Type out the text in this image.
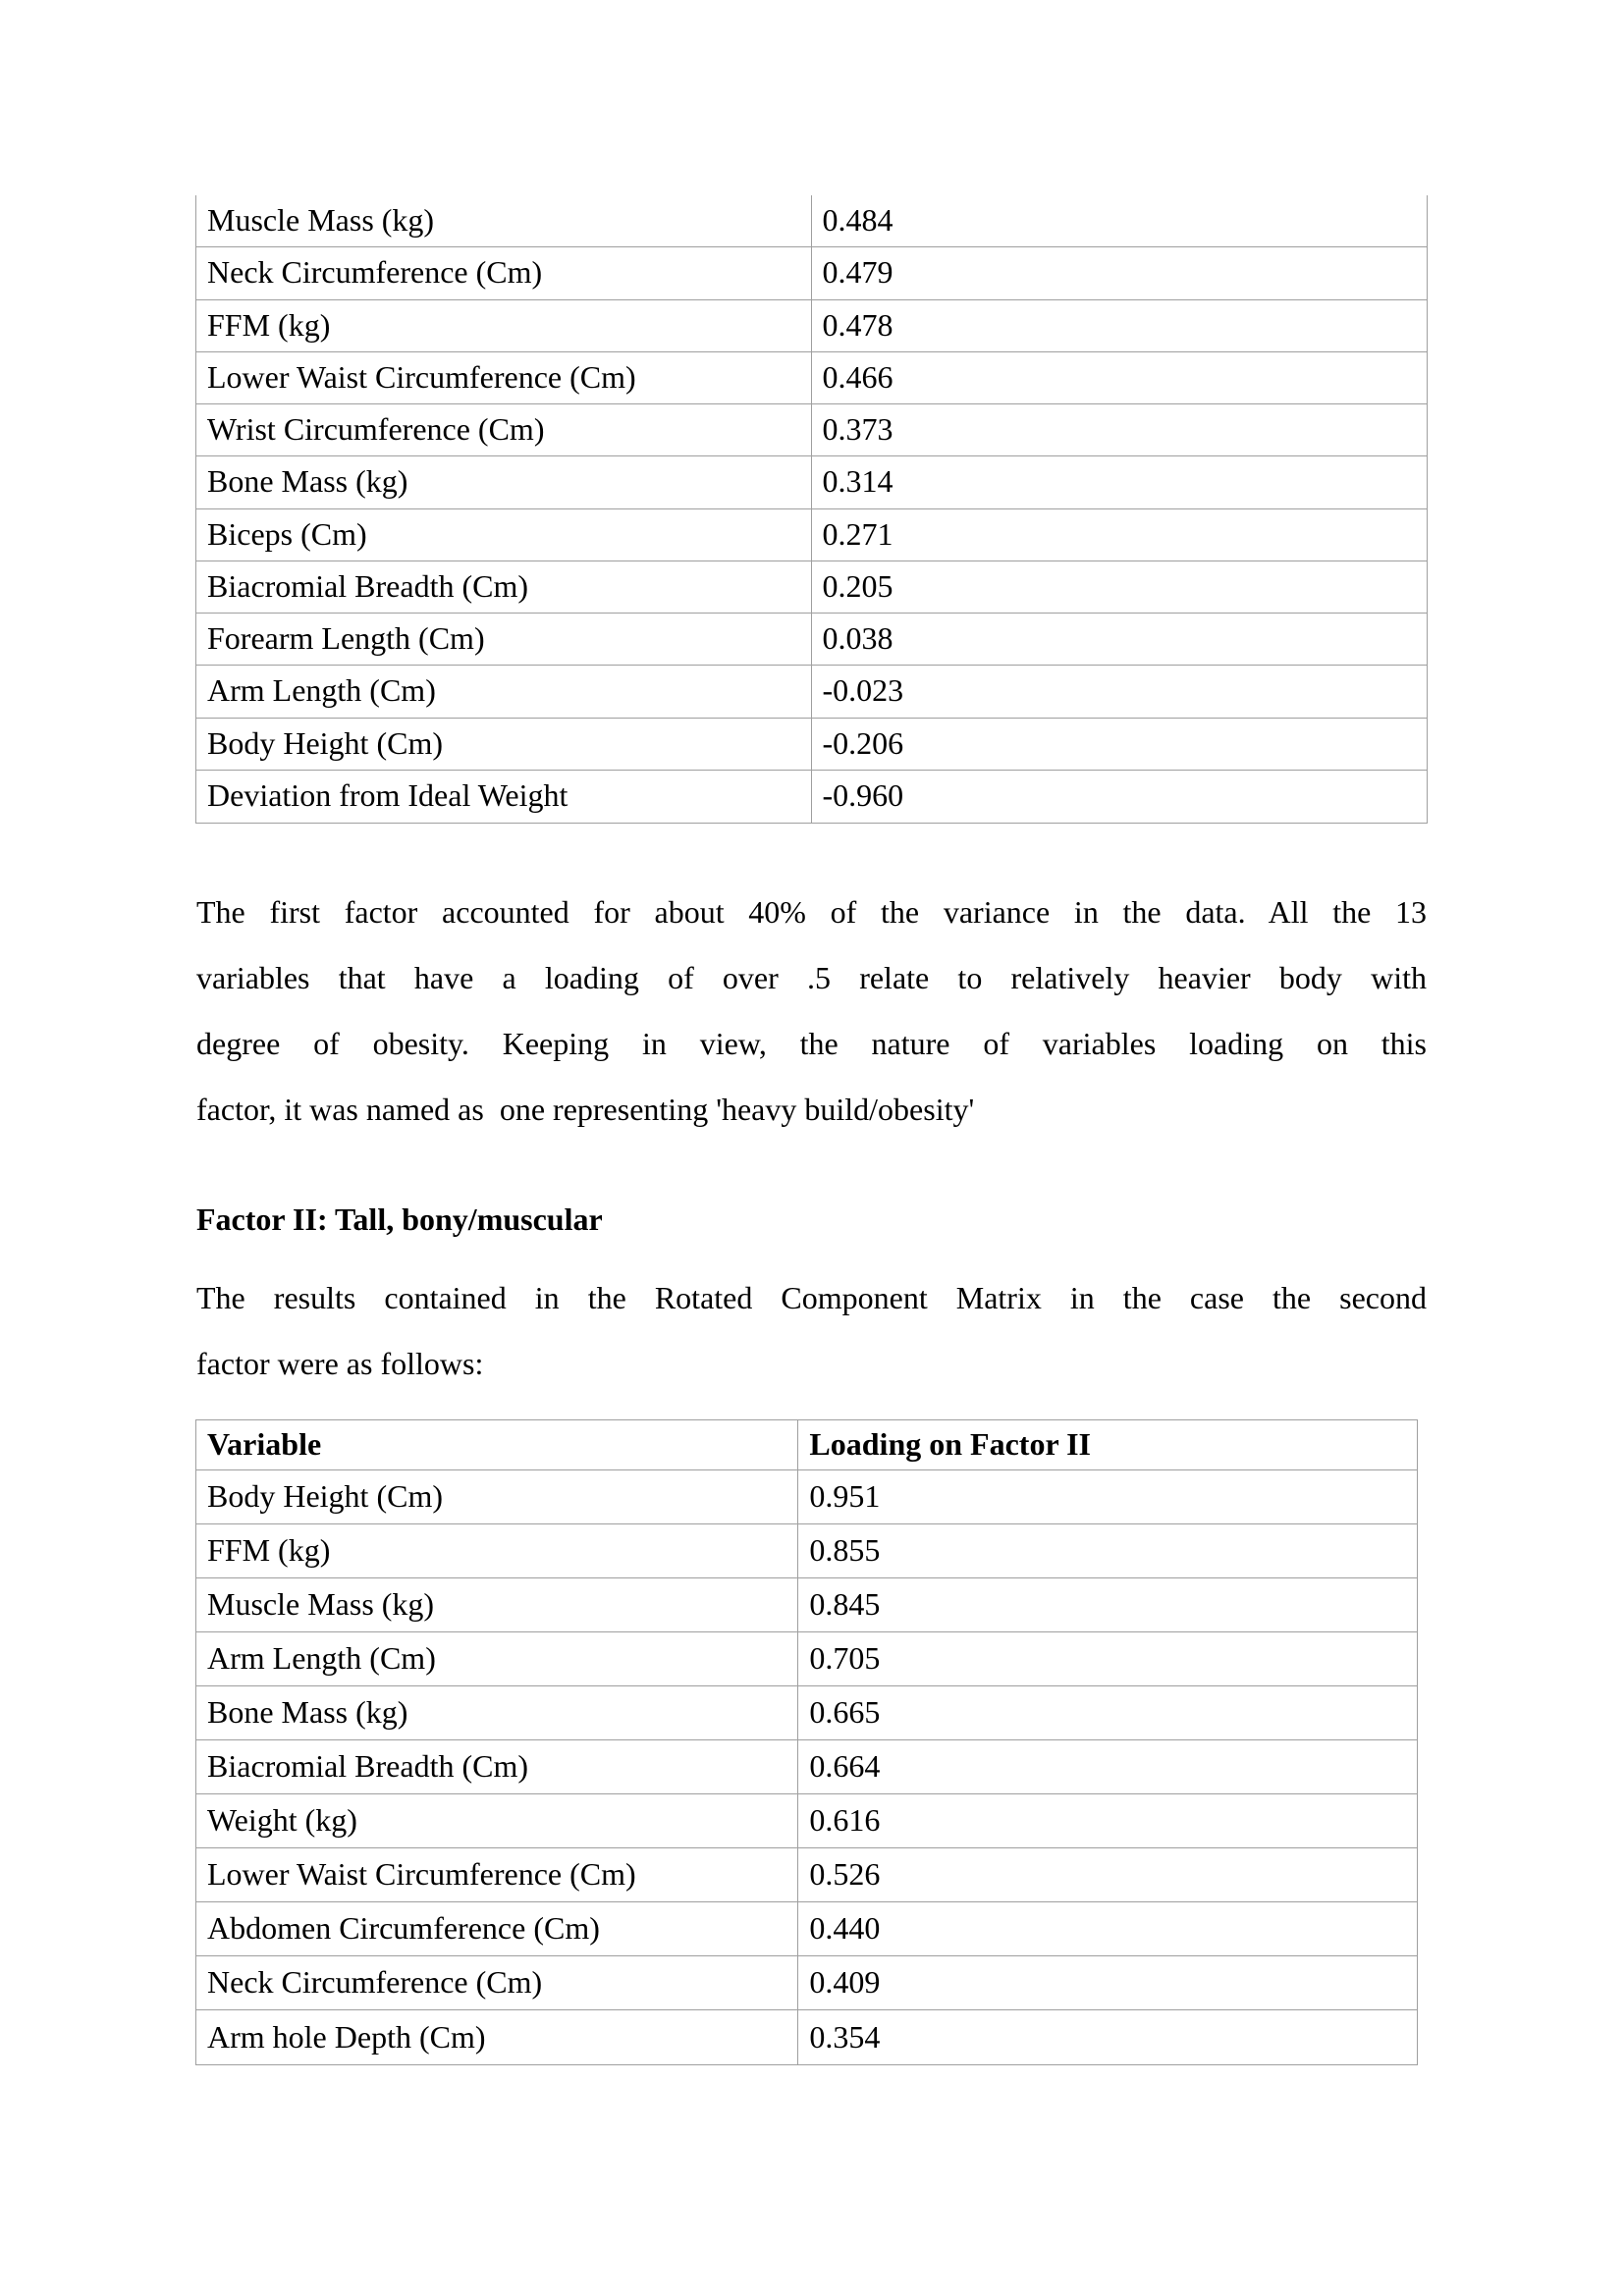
Muscle Mass (kg)	0.484
Neck Circumference (Cm)	0.479
FFM (kg)	0.478
Lower Waist Circumference (Cm)	0.466
Wrist Circumference (Cm)	0.373
Bone Mass (kg)	0.314
Biceps (Cm)	0.271
Biacromial Breadth (Cm)	0.205
Forearm Length (Cm)	0.038
Arm Length (Cm)	-0.023
Body Height (Cm)	-0.206
Deviation from Ideal Weight	-0.960
The first factor accounted for about 40% of the variance in the data. All the 13
variables that have a loading of over .5 relate to relatively heavier body with
degree of obesity. Keeping in view, the nature of variables loading on this
factor, it was named as  one representing 'heavy build/obesity'
Factor II: Tall, bony/muscular
The results contained in the Rotated Component Matrix in the case the second
factor were as follows:
Variable	Loading on Factor II
Body Height (Cm)	0.951
FFM (kg)	0.855
Muscle Mass (kg)	0.845
Arm Length (Cm)	0.705
Bone Mass (kg)	0.665
Biacromial Breadth (Cm)	0.664
Weight (kg)	0.616
Lower Waist Circumference (Cm)	0.526
Abdomen Circumference (Cm)	0.440
Neck Circumference (Cm)	0.409
Arm hole Depth (Cm)	0.354
